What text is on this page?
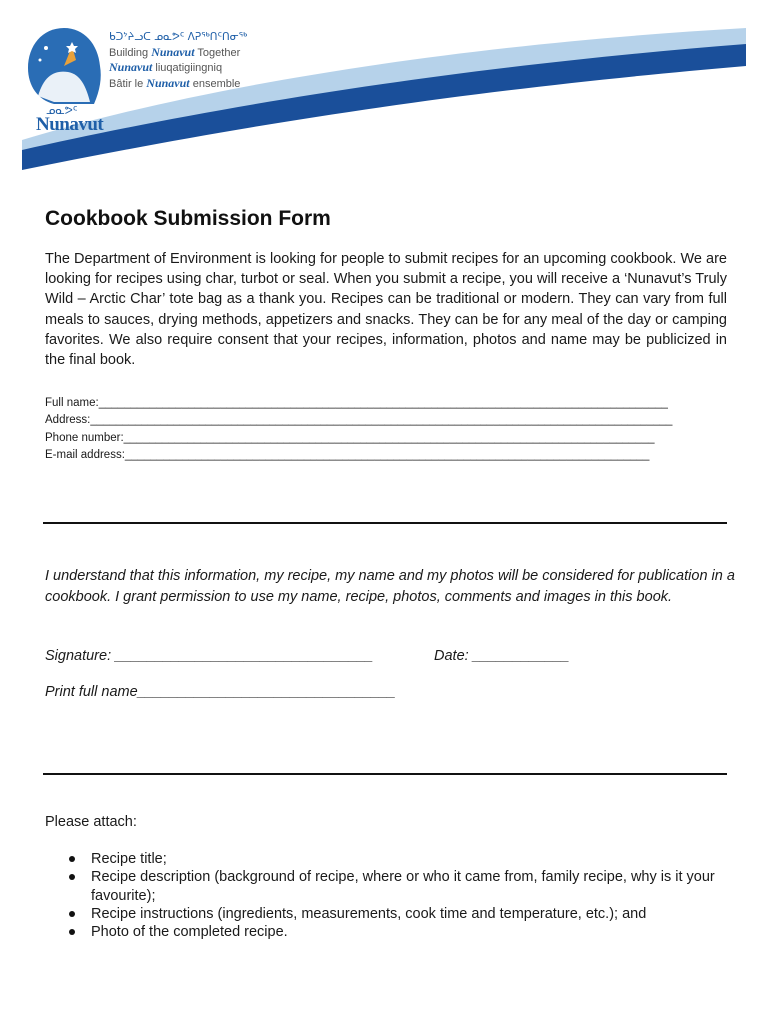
ᓄᓇᕗᑦ

Nunavut

ᑲᑐᔾᔨᓗᑕ ᓄᓇᕗᑦ ᐱᕈᖅᑎᑦᑎᓂᖅ
Building Nunavut Together
Nunavut liuqatigiingniq
Bâtir le Nunavut ensemble
Cookbook Submission Form

The Department of Environment is looking for people to submit recipes for an upcoming cookbook. We are looking for recipes using char, turbot or seal. When you submit a recipe, you will receive a ‘Nunavut’s Truly Wild – Arctic Char’ tote bag as a thank you. Recipes can be traditional or modern. They can vary from full meals to sauces, drying methods, appetizers and snacks. They can be for any meal of the day or camping favorites. We also require consent that your recipes, information, photos and name may be publicized in the final book.

Full name: _________________________________________________________________________________________
Address: ___________________________________________________________________________________________
Phone number: ___________________________________________________________________________________
E-mail address: __________________________________________________________________________________

I understand that this information, my recipe, my name and my photos will be considered for publication in a cookbook. I grant permission to use my name, recipe, photos, comments and images in this book.

Signature: ________________________________	Date: ____________
Print full name________________________________

Please attach:

Recipe title;
Recipe description (background of recipe, where or who it came from, family recipe, why is it your favourite);
Recipe instructions (ingredients, measurements, cook time and temperature, etc.); and
Photo of the completed recipe.
